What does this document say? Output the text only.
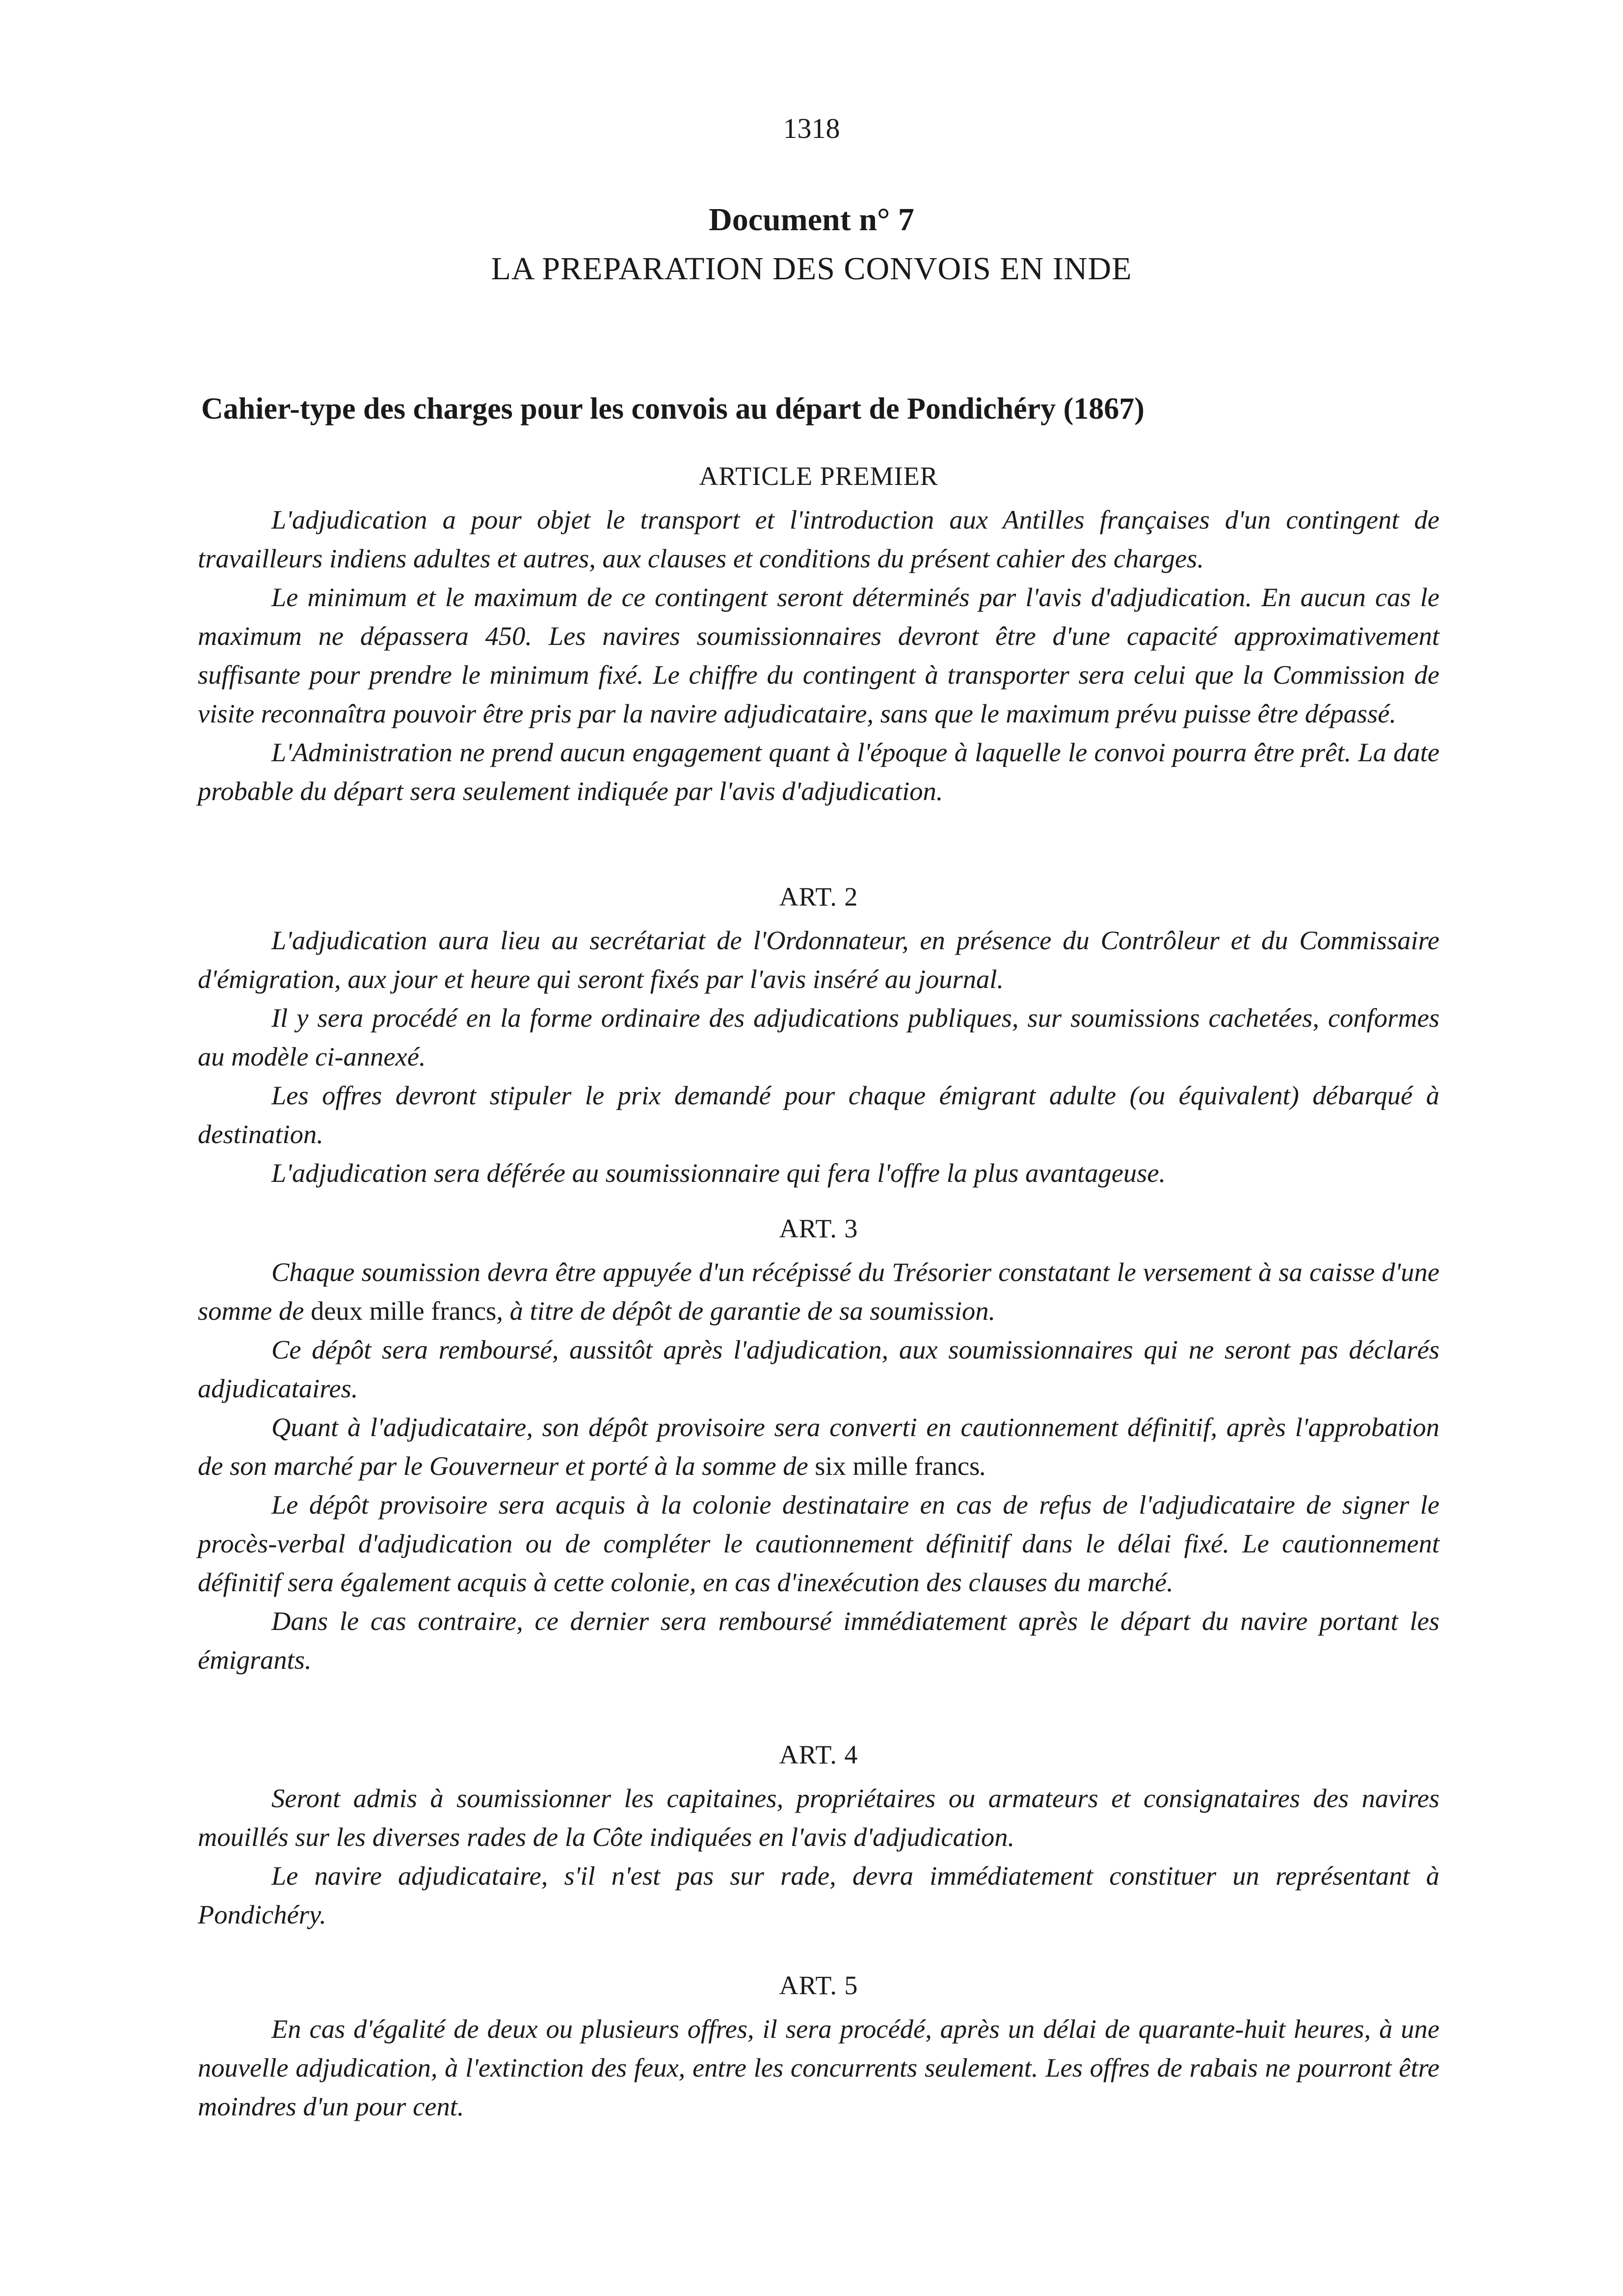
1318
Document n° 7
LA PREPARATION DES CONVOIS EN INDE
Cahier-type des charges pour les convois au départ de Pondichéry (1867)
ARTICLE PREMIER

L'adjudication a pour objet le transport et l'introduction aux Antilles françaises d'un contingent de travailleurs indiens adultes et autres, aux clauses et conditions du présent cahier des charges.

Le minimum et le maximum de ce contingent seront déterminés par l'avis d'adjudication. En aucun cas le maximum ne dépassera 450. Les navires soumissionnaires devront être d'une capacité approximativement suffisante pour prendre le minimum fixé. Le chiffre du contingent à transporter sera celui que la Commission de visite reconnaîtra pouvoir être pris par la navire adjudicataire, sans que le maximum prévu puisse être dépassé.

L'Administration ne prend aucun engagement quant à l'époque à laquelle le convoi pourra être prêt. La date probable du départ sera seulement indiquée par l'avis d'adjudication.

ART. 2

L'adjudication aura lieu au secrétariat de l'Ordonnateur, en présence du Contrôleur et du Commissaire d'émigration, aux jour et heure qui seront fixés par l'avis inséré au journal.

Il y sera procédé en la forme ordinaire des adjudications publiques, sur soumissions cachetées, conformes au modèle ci-annexé.

Les offres devront stipuler le prix demandé pour chaque émigrant adulte (ou équivalent) débarqué à destination.

L'adjudication sera déférée au soumissionnaire qui fera l'offre la plus avantageuse.

ART. 3

Chaque soumission devra être appuyée d'un récépissé du Trésorier constatant le versement à sa caisse d'une somme de deux mille francs, à titre de dépôt de garantie de sa soumission.

Ce dépôt sera remboursé, aussitôt après l'adjudication, aux soumissionnaires qui ne seront pas déclarés adjudicataires.

Quant à l'adjudicataire, son dépôt provisoire sera converti en cautionnement définitif, après l'approbation de son marché par le Gouverneur et porté à la somme de six mille francs.

Le dépôt provisoire sera acquis à la colonie destinataire en cas de refus de l'adjudicataire de signer le procès-verbal d'adjudication ou de compléter le cautionnement définitif dans le délai fixé. Le cautionnement définitif sera également acquis à cette colonie, en cas d'inexécution des clauses du marché.

Dans le cas contraire, ce dernier sera remboursé immédiatement après le départ du navire portant les émigrants.

ART. 4

Seront admis à soumissionner les capitaines, propriétaires ou armateurs et consignataires des navires mouillés sur les diverses rades de la Côte indiquées en l'avis d'adjudication.

Le navire adjudicataire, s'il n'est pas sur rade, devra immédiatement constituer un représentant à Pondichéry.

ART. 5

En cas d'égalité de deux ou plusieurs offres, il sera procédé, après un délai de quarante-huit heures, à une nouvelle adjudication, à l'extinction des feux, entre les concurrents seulement. Les offres de rabais ne pourront être moindres d'un pour cent.
